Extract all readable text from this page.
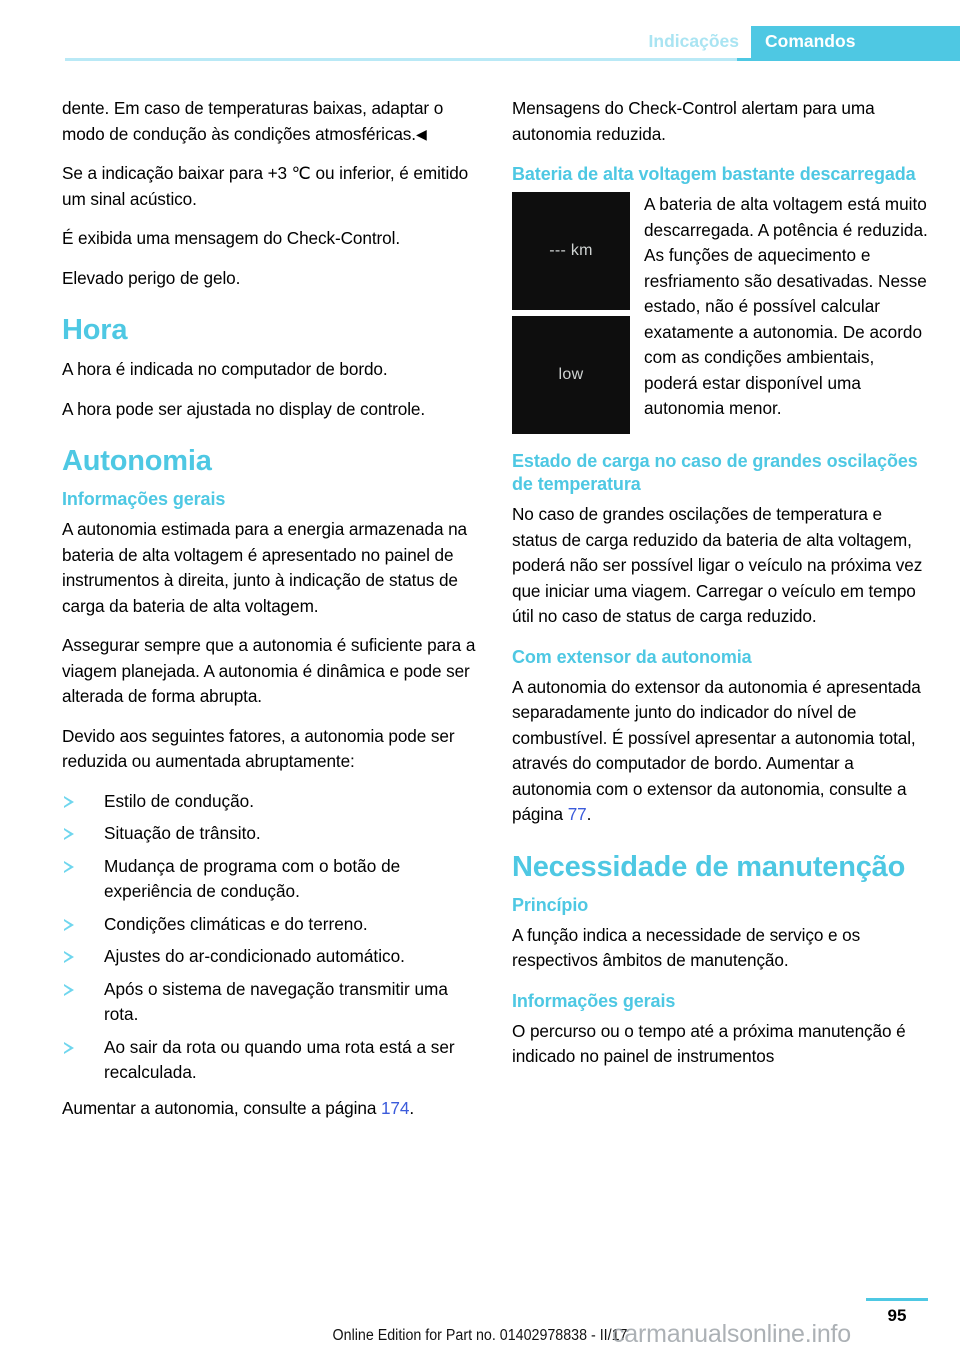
Indicações	Comandos

dente. Em caso de temperaturas baixas, adaptar o modo de condução às condições atmosféricas.◀

Se a indicação baixar para +3 ℃ ou inferior, é emitido um sinal acústico.

É exibida uma mensagem do Check-Control.

Elevado perigo de gelo.

Hora

A hora é indicada no computador de bordo.

A hora pode ser ajustada no display de controle.

Autonomia
Informações gerais

A autonomia estimada para a energia armazenada na bateria de alta voltagem é apresentado no painel de instrumentos à direita, junto à indicação de status de carga da bateria de alta voltagem.

Assegurar sempre que a autonomia é suficiente para a viagem planejada. A autonomia é dinâmica e pode ser alterada de forma abrupta.

Devido aos seguintes fatores, a autonomia pode ser reduzida ou aumentada abruptamente:

Estilo de condução.
Situação de trânsito.
Mudança de programa com o botão de experiência de condução.
Condições climáticas e do terreno.
Ajustes do ar-condicionado automático.
Após o sistema de navegação transmitir uma rota.
Ao sair da rota ou quando uma rota está a ser recalculada.

Aumentar a autonomia, consulte a página 174.

Mensagens do Check-Control alertam para uma autonomia reduzida.

Bateria de alta voltagem bastante descarregada
--- km
low
A bateria de alta voltagem está muito descarregada. A potência é reduzida. As funções de aquecimento e resfriamento são desativadas. Nesse estado, não é possível calcular exatamente a autonomia. De acordo com as condições ambientais, poderá estar disponível uma autonomia menor.
Estado de carga no caso de grandes oscilações de temperatura

No caso de grandes oscilações de temperatura e status de carga reduzido da bateria de alta voltagem, poderá não ser possível ligar o veículo na próxima vez que iniciar uma viagem. Carregar o veículo em tempo útil no caso de status de carga reduzido.

Com extensor da autonomia

A autonomia do extensor da autonomia é apresentada separadamente junto do indicador do nível de combustível. É possível apresentar a autonomia total, através do computador de bordo. Aumentar a autonomia com o extensor da autonomia, consulte a página 77.

Necessidade de manutenção
Princípio

A função indica a necessidade de serviço e os respectivos âmbitos de manutenção.

Informações gerais

O percurso ou o tempo até a próxima manutenção é indicado no painel de instrumentos

95
Online Edition for Part no. 01402978838 - II/17
carmanualsonline.info
